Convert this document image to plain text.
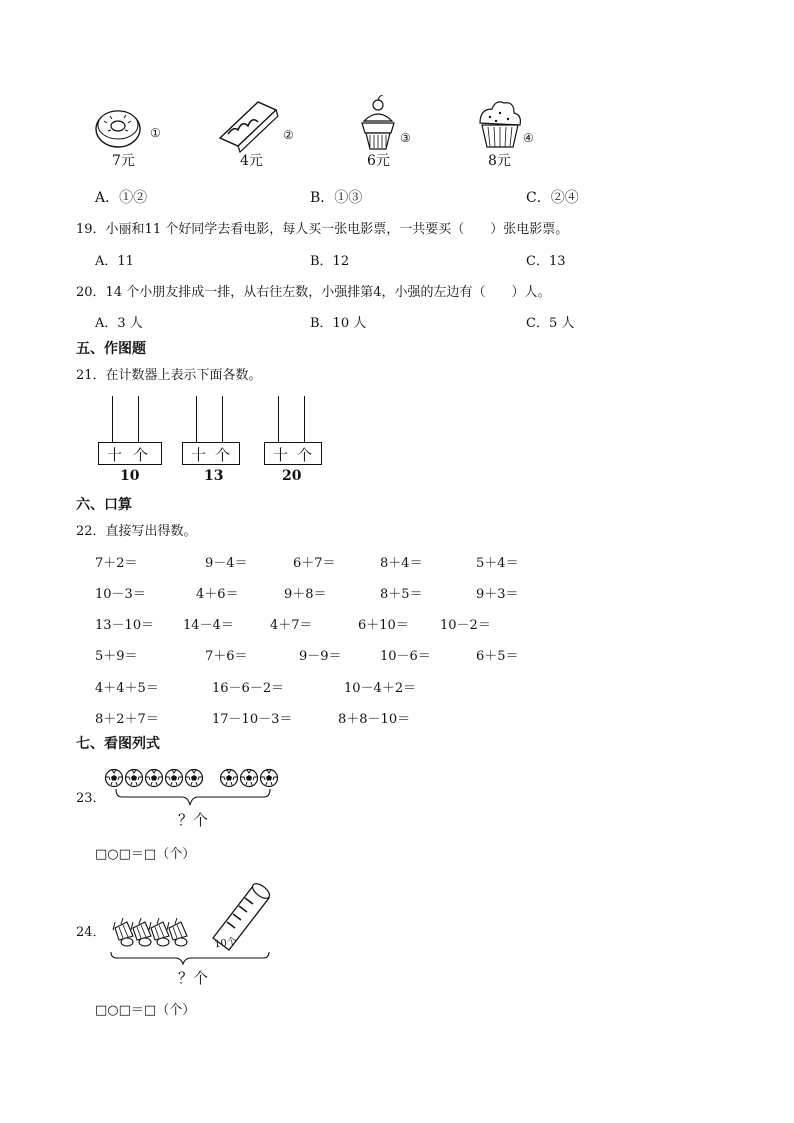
①	②	③	④
7元	4元	6元	8元
A．①②	B．①③	C．②④
19．小丽和11 个好同学去看电影，每人买一张电影票，一共要买（　　）张电影票。
A．11	B．12	C．13
20．14 个小朋友排成一排，从右往左数，小强排第4，小强的左边有（　　）人。
A．3 人	B．10 人	C．5 人
五、作图题
21．在计数器上表示下面各数。
十 个
10
十 个
13
十 个
20
六、口算
22．直接写出得数。
7＋2＝	9－4＝	6＋7＝	8＋4＝	5＋4＝
10－3＝	4＋6＝	9＋8＝	8＋5＝	9＋3＝
13－10＝ 14－4＝	4＋7＝	6＋10＝ 10－2＝
5＋9＝	7＋6＝	9－9＝	10－6＝	6＋5＝
4＋4＋5＝	16－6－2＝	10－4＋2＝
8＋2＋7＝	17－10－3＝	8＋8－10＝
七、看图列式
23．
？个
□○□＝□（个）
24．
10个
？个
□○□＝□（个）
